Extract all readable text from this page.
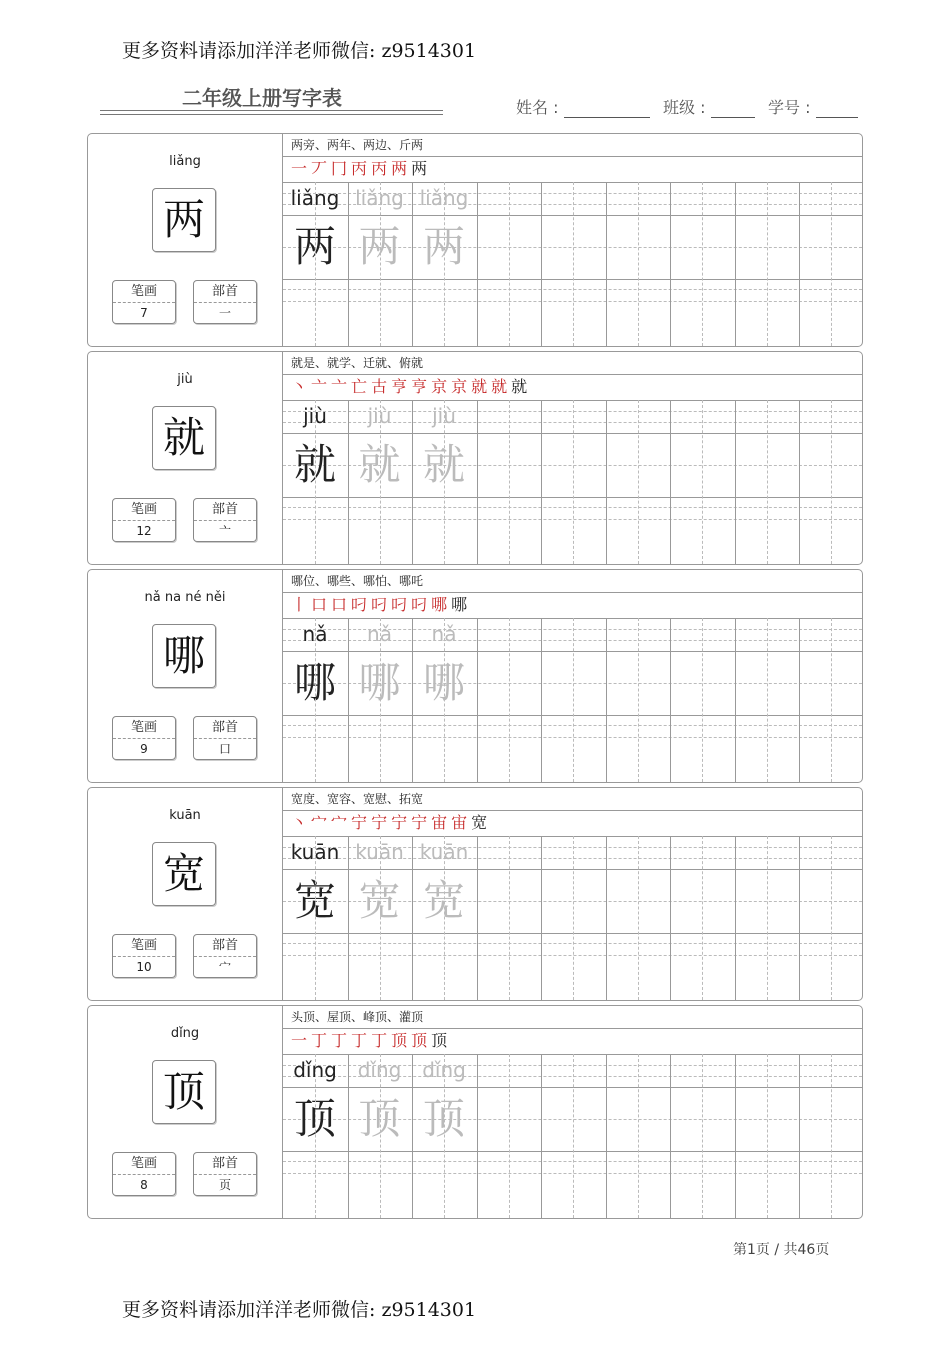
更多资料请添加洋洋老师微信: z9514301
二年级上册写字表	姓名 :	班级 :	学号 :
liǎng
两
笔画
7
部首
一
两旁、两年、两边、斤两
一丆冂丙丙两两
liǎng liǎng liǎng
两 两 两
jiù
就
笔画
12
部首
亠
就是、就学、迁就、俯就
丶亠亠亡古亨亨京京就就就
jiù	jiù	jiù
就 就 就
nǎ na né něi
哪
笔画
9
部首
口
哪位、哪些、哪怕、哪吒
丨口口叼叼叼叼哪哪
nǎ	nǎ	nǎ
哪 哪 哪
kuān
宽
笔画
10
部首
宀
宽度、宽容、宽慰、拓宽
丶宀宀宁宁宁宁宙宙宽
kuān kuān kuān
宽 宽 宽
dǐng
顶
笔画
8
部首
页
头顶、屋顶、峰顶、灌顶
一丁丁丁丁顶顶顶
dǐng	dǐng	dǐng
顶 顶 顶
第1页 / 共46页
更多资料请添加洋洋老师微信: z9514301
